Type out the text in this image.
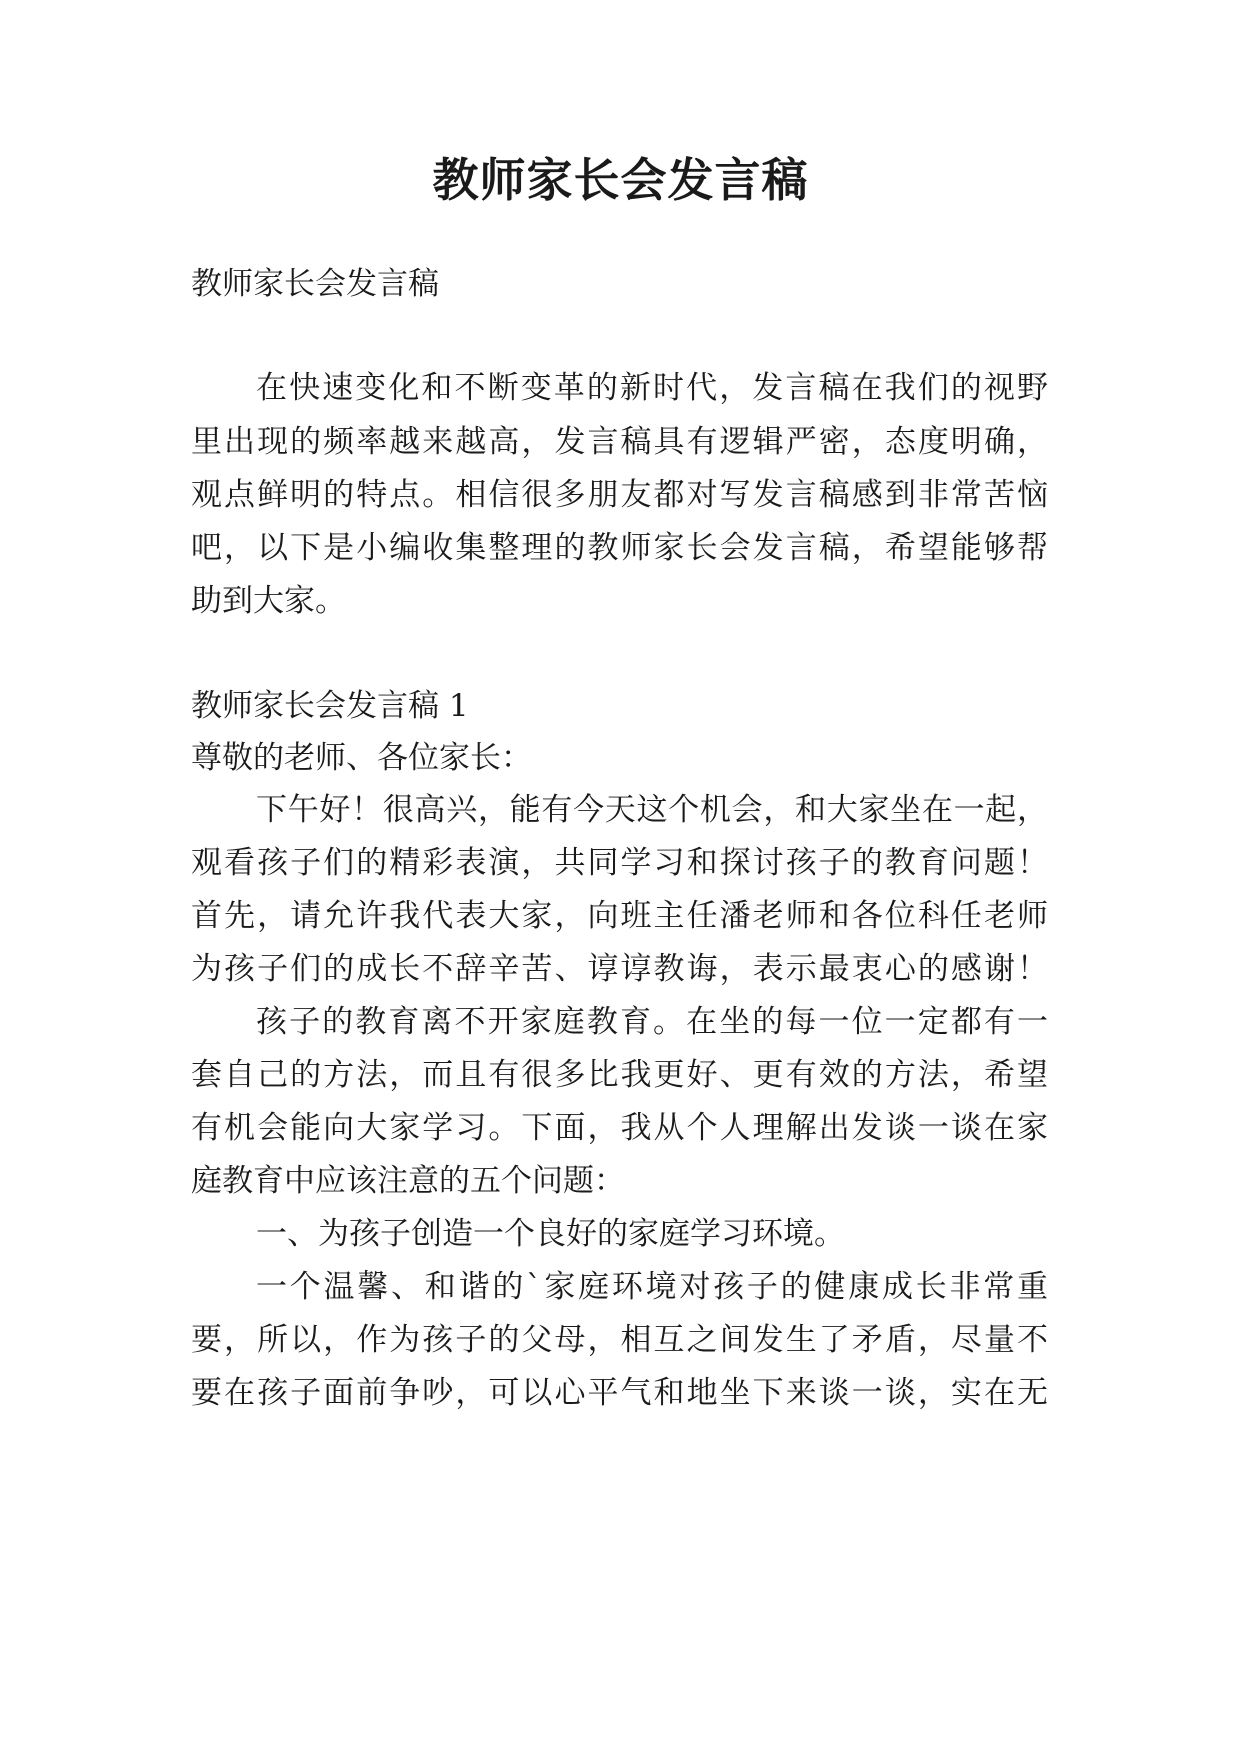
教师家长会发言稿

教师家长会发言稿

在快速变化和不断变革的新时代，发言稿在我们的视野

里出现的频率越来越高，发言稿具有逻辑严密，态度明确，

观点鲜明的特点。相信很多朋友都对写发言稿感到非常苦恼

吧，以下是小编收集整理的教师家长会发言稿，希望能够帮

助到大家。

教师家长会发言稿 1

尊敬的老师、各位家长：

下午好！很高兴，能有今天这个机会，和大家坐在一起，

观看孩子们的精彩表演，共同学习和探讨孩子的教育问题！

首先，请允许我代表大家，向班主任潘老师和各位科任老师

为孩子们的成长不辞辛苦、谆谆教诲，表示最衷心的感谢！

孩子的教育离不开家庭教育。在坐的每一位一定都有一

套自己的方法，而且有很多比我更好、更有效的方法，希望

有机会能向大家学习。下面，我从个人理解出发谈一谈在家

庭教育中应该注意的五个问题：

一、为孩子创造一个良好的家庭学习环境。

一个温馨、和谐的`家庭环境对孩子的健康成长非常重

要，所以，作为孩子的父母，相互之间发生了矛盾，尽量不

要在孩子面前争吵，可以心平气和地坐下来谈一谈，实在无
